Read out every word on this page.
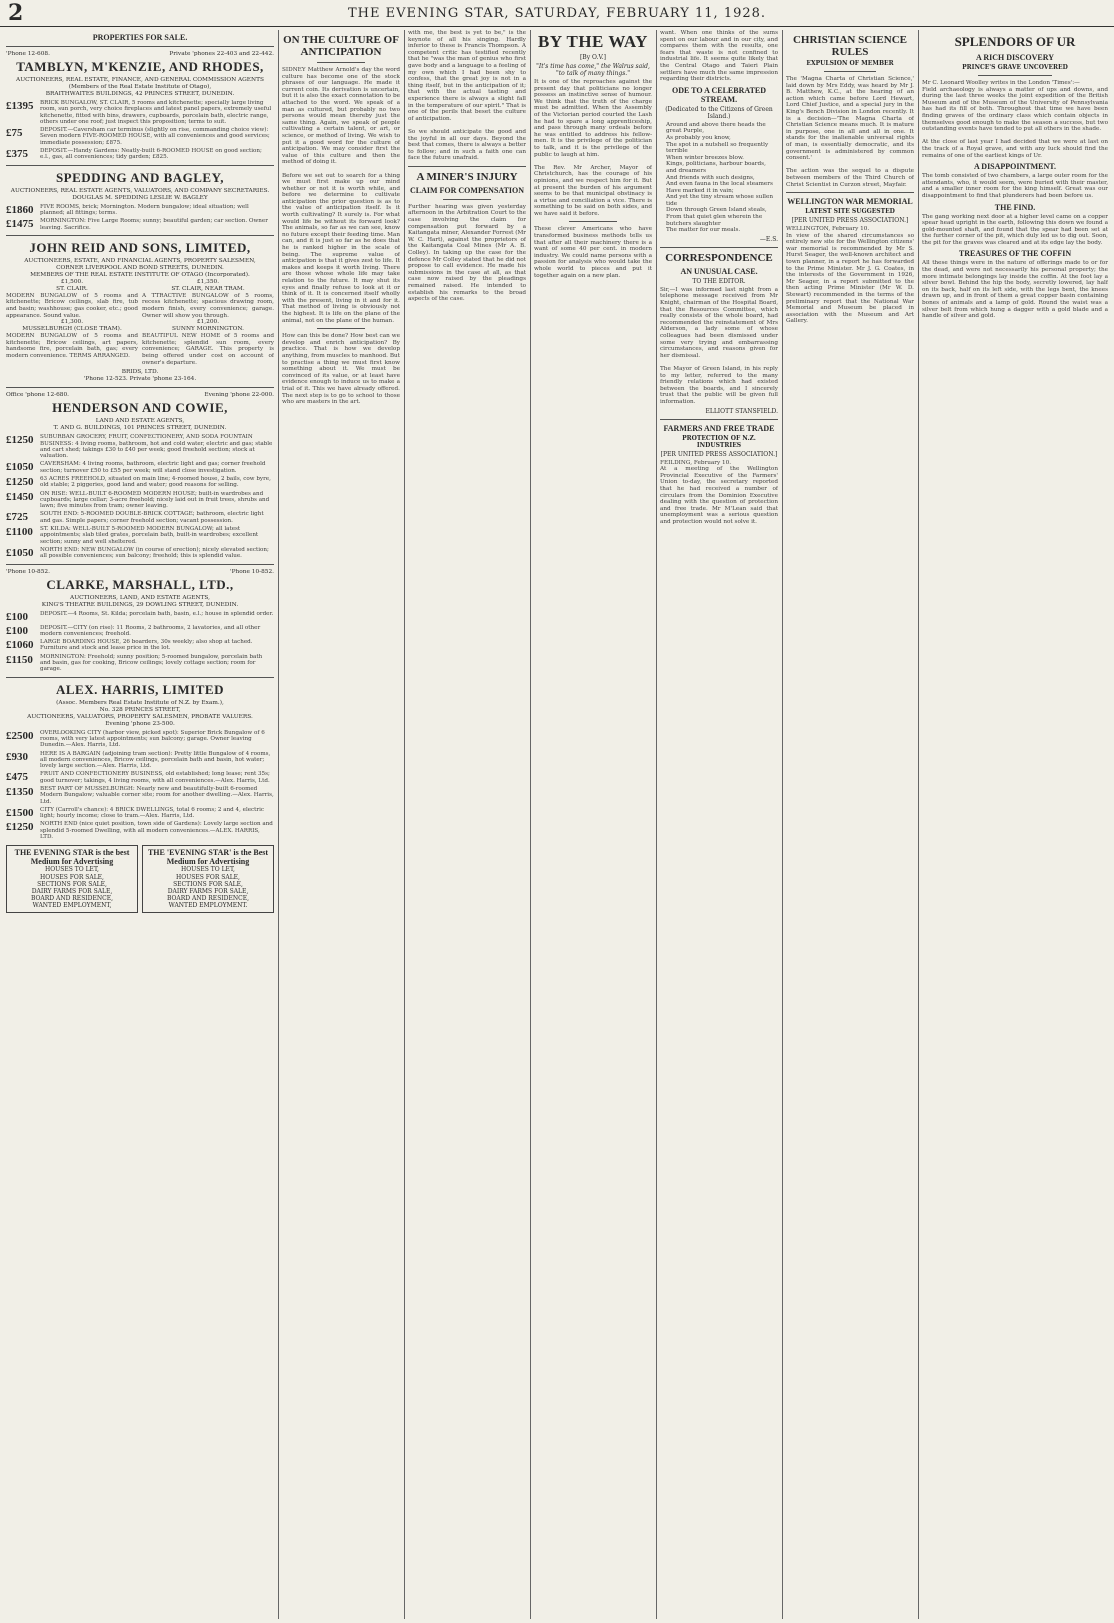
2	THE EVENING STAR, SATURDAY, FEBRUARY 11, 1928.
PROPERTIES FOR SALE.
'Phone 12-608.	Private 'phones 22-403 and 22-442.
TAMBLYN, M'KENZIE, AND RHODES,
AUCTIONEERS, REAL ESTATE, FINANCE, AND GENERAL COMMISSION AGENTS
(Members of the Real Estate Institute of Otago),
BRAITHWAITES BUILDINGS, 42 PRINCES STREET, DUNEDIN.
£1395	BRICK BUNGALOW, ST. CLAIR, 5 rooms and kitchenette; specially large living room, sun porch, very choice fireplaces and latest panel papers, extremely useful kitchenette, fitted with bins, drawers, cupboards, porcelain bath, electric range, others under one roof; just inspect this proposition; terms to suit.
£75	DEPOSIT.—Caversham car terminus (slightly on rise, commanding choice view): Seven modern FIVE-ROOMED HOUSE, with all conveniences and good services; immediate possession; £875.
£375	DEPOSIT.—Handy Gardens: Neatly-built 6-ROOMED HOUSE on good section; e.l., gas, all conveniences; tidy garden; £825.
SPEDDING AND BAGLEY,
AUCTIONEERS, REAL ESTATE AGENTS, VALUATORS, AND COMPANY SECRETARIES.
DOUGLAS M. SPEDDING LESLIE W. BAGLEY
£1860	FIVE ROOMS, brick; Mornington. Modern bungalow; ideal situation; well planned; all fittings; terms.
£1475	MORNINGTON: Five Large Rooms; sunny; beautiful garden; car section. Owner leaving. Sacrifice.
JOHN REID AND SONS, LIMITED,
AUCTIONEERS, ESTATE, AND FINANCIAL AGENTS, PROPERTY SALESMEN,
CORNER LIVERPOOL AND BOND STREETS, DUNEDIN.
MEMBERS OF THE REAL ESTATE INSTITUTE OF OTAGO (Incorporated).
£1,500.
ST. CLAIR.
MODERN BUNGALOW of 5 rooms and kitchenette; Bricow ceilings, slab fire, tub and basin; washhouse; gas cooker, etc.; good appearance. Sound value.
£1,350.
ST. CLAIR, NEAR TRAM.
A TTRACTIVE BUNGALOW of 5 rooms, recess kitchenette; spacious drawing room, modern finish, every convenience; garage. Owner will show you through.
£1,300.
MUSSELBURGH (CLOSE TRAM).
MODERN BUNGALOW of 5 rooms and kitchenette; Bricow ceilings, art papers, handsome fire, porcelain bath, gas; every modern convenience. TERMS ARRANGED.
£1,200.
SUNNY MORNINGTON.
BEAUTIFUL NEW HOME of 5 rooms and kitchenette; splendid sun room, every convenience; GARAGE. This property is being offered under cost on account of owner's departure.
BRIDS, LTD.
'Phone 12-523. Private 'phone 23-164.
Office 'phone 12-680.	Evening 'phone 22-000.
HENDERSON AND COWIE,
LAND AND ESTATE AGENTS,
T. AND G. BUILDINGS, 101 PRINCES STREET, DUNEDIN.
£1250	SUBURBAN GROCERY, FRUIT, CONFECTIONERY, AND SODA FOUNTAIN BUSINESS: 4 living rooms, bathroom, hot and cold water, electric and gas; stable and cart shed; takings £30 to £40 per week; good freehold section; stock at valuation.
£1050	CAVERSHAM: 4 living rooms, bathroom, electric light and gas; corner freehold section; turnover £50 to £55 per week; will stand close investigation.
£1250	63 ACRES FREEHOLD, situated on main line; 4-roomed house, 2 bails, cow byre, old stable; 2 piggeries, good land and water; good reasons for selling.
£1450	ON RISE: WELL-BUILT 6-ROOMED MODERN HOUSE; built-in wardrobes and cupboards; large cellar; 3-acre freehold; nicely laid out in fruit trees, shrubs and lawn; five minutes from tram; owner leaving.
£725	SOUTH END: 5-ROOMED DOUBLE-BRICK COTTAGE; bathroom, electric light and gas. Simple papers; corner freehold section; vacant possession.
£1100	ST. KILDA: WELL-BUILT 5-ROOMED MODERN BUNGALOW; all latest appointments; slab tiled grates, porcelain bath, built-in wardrobes; excellent section; sunny and well sheltered.
£1050	NORTH END: NEW BUNGALOW (in course of erection); nicely elevated section; all possible conveniences; sun balcony; freehold; this is splendid value.
'Phone 10-852.	'Phone 10-852.
CLARKE, MARSHALL, LTD.,
AUCTIONEERS, LAND, AND ESTATE AGENTS,
KING'S THEATRE BUILDINGS, 29 DOWLING STREET, DUNEDIN.
£100	DEPOSIT.—4 Rooms, St. Kilda; porcelain bath, basin, e.l.; house in splendid order.
£100	DEPOSIT.—CITY (on rise): 11 Rooms, 2 bathrooms, 2 lavatories, and all other modern conveniences; freehold.
£1060	LARGE BOARDING HOUSE, 26 boarders, 30s weekly; also shop at tached. Furniture and stock and lease price in the lot.
£1150	MORNINGTON: Freehold; sunny position; 5-roomed bungalow, porcelain bath and basin, gas for cooking, Bricow ceilings; lovely cottage section; room for garage.
ALEX. HARRIS, LIMITED
(Assoc. Members Real Estate Institute of N.Z. by Exam.),
No. 328 PRINCES STREET,
AUCTIONEERS, VALUATORS, PROPERTY SALESMEN, PROBATE VALUERS.
Evening 'phone 23-500.
£2500	OVERLOOKING CITY (harbor view, picked spot): Superior Brick Bungalow of 6 rooms, with very latest appointments; sun balcony; garage. Owner leaving Dunedin.—Alex. Harris, Ltd.
£930	HERE IS A BARGAIN (adjoining tram section): Pretty little Bungalow of 4 rooms, all modern conveniences, Bricow ceilings, porcelain bath and basin, hot water; lovely large section.—Alex. Harris, Ltd.
£475	FRUIT AND CONFECTIONERY BUSINESS, old established; long lease; rent 35s; good turnover; takings, 4 living rooms, with all conveniences.—Alex. Harris, Ltd.
£1350	BEST PART OF MUSSELBURGH: Nearly new and beautifully-built 6-roomed Modern Bungalow; valuable corner site; room for another dwelling.—Alex. Harris, Ltd.
£1500	CITY (Carroll's chance): 4 BRICK DWELLINGS, total 6 rooms; 2 and 4, electric light; hourly income; close to tram.—Alex. Harris, Ltd.
£1250	NORTH END (nice quiet position, town side of Gardens): Lovely large section and splendid 5-roomed Dwelling, with all modern conveniences.—ALEX. HARRIS, LTD.
THE EVENING STAR is the best Medium for Advertising
HOUSES TO LET,
HOUSES FOR SALE,
SECTIONS FOR SALE,
DAIRY FARMS FOR SALE,
BOARD AND RESIDENCE,
WANTED EMPLOYMENT,
THE 'EVENING STAR' is the Best Medium for Advertising
HOUSES TO LET,
HOUSES FOR SALE,
SECTIONS FOR SALE,
DAIRY FARMS FOR SALE,
BOARD AND RESIDENCE,
WANTED EMPLOYMENT.
ON THE CULTURE OF ANTICIPATION

SIDNEY Matthew Arnold's day the word culture has become one of the stock phrases of our language. He made it current coin. Its derivation is uncertain, but it is also the exact connotation to be attached to the word. We speak of a man as cultured, but probably no two persons would mean thereby just the same thing. Again, we speak of people cultivating a certain talent, or art, or science, or method of living. We wish to put it a good word for the culture of anticipation. We may consider first the value of this culture and then the method of doing it.

Before we set out to search for a thing we must first make up our mind whether or not it is worth while, and before we determine to cultivate anticipation the prior question is as to the value of anticipation itself. Is it worth cultivating? It surely is. For what would life be without its forward look? The animals, so far as we can see, know no future except their feeding time. Man can, and it is just so far as he does that he is ranked higher in the scale of being. The supreme value of anticipation is that it gives zest to life. It makes and keeps it worth living. There are those whose whole life may take relation to the future. It may shut its eyes and finally refuse to look at it or think of it. It is concerned itself wholly with the present, living in it and for it. That method of living is obviously not the highest. It is life on the plane of the animal, not on the plane of the human.

How can this be done? How best can we develop and enrich anticipation? By practice. That is how we develop anything, from muscles to manhood. But to practise a thing we must first know something about it. We must be convinced of its value, or at least have evidence enough to induce us to make a trial of it. This we have already offered. The next step is to go to school to those who are masters in the art.

with me, the best is yet to be," is the keynote of all his singing. Hardly inferior to these is Francis Thompson. A competent critic has testified recently that he "was the man of genius who first gave body and a language to a feeling of my own which I had been shy to confess, that the great joy is not in a thing itself, but in the anticipation of it; that with the actual tasting and experience there is always a slight fall in the temperature of our spirit." That is one of the perils that beset the culture of anticipation.

So we should anticipate the good and the joyful in all our days. Beyond the best that comes, there is always a better to follow; and in such a faith one can face the future unafraid.

A MINER'S INJURY
CLAIM FOR COMPENSATION

Further hearing was given yesterday afternoon in the Arbitration Court to the case involving the claim for compensation put forward by a Kaitangata miner, Alexander Forrest (Mr W. C. Hart), against the proprietors of the Kaitangata Coal Mines (Mr A. B. Colley). In taking up the case for the defence Mr Colley stated that he did not propose to call evidence. He made his submissions in the case at all, as that case now raised by the pleadings remained raised. He intended to establish his remarks to the broad aspects of the case.

BY THE WAY
[By O.V.]
"It's time has come," the Walrus said, "to talk of many things."

It is one of the reproaches against the present day that politicians no longer possess an instinctive sense of humour. We think that the truth of the charge must be admitted. When the Assembly of the Victorian period courted the Lash he had to spare a long apprenticeship, and pass through many ordeals before he was entitled to address his fellow-men. It is the privilege of the politician to talk, and it is the privilege of the public to laugh at him.

The Rev. Mr Archer, Mayor of Christchurch, has the courage of his opinions, and we respect him for it. But at present the burden of his argument seems to be that municipal obstinacy is a virtue and conciliation a vice. There is something to be said on both sides, and we have said it before.

These clever Americans who have transformed business methods tells us that after all their machinery there is a want of some 40 per cent. in modern industry. We could name persons with a passion for analysis who would take the whole world to pieces and put it together again on a new plan.

want. When one thinks of the sums spent on our labour and in our city, and compares them with the results, one fears that waste is not confined to industrial life. It seems quite likely that the Central Otago and Taieri Plain settlers have much the same impression regarding their districts.

ODE TO A CELEBRATED STREAM.
(Dedicated to the Citizens of Green Island.)

Around and above there heads the great Purple,
As probably you know,
The spot in a nutshell so frequently terrible
When winter breezes blow.
Kings, politicians, harbour boards, and dreamers
And friends with such designs,
And even fauna in the local steamers
Have marked it in vain;
And yet the tiny stream whose sullen tide
Down through Green Island steals,
From that quiet glen wherein the butchers slaughter
The matter for our meals.

—E.S.
CORRESPONDENCE
AN UNUSUAL CASE.
TO THE EDITOR.

Sir,—I was informed last night from a telephone message received from Mr Knight, chairman of the Hospital Board, that the Resources Committee, which really consists of the whole board, had recommended the reinstatement of Mrs Alderson, a lady some of whose colleagues had been dismissed under some very trying and embarrassing circumstances, and reasons given for her dismissal.

The Mayor of Green Island, in his reply to my letter, referred to the many friendly relations which had existed between the boards, and I sincerely trust that the public will be given full information.

ELLIOTT STANSFIELD.
FARMERS AND FREE TRADE
PROTECTION OF N.Z. INDUSTRIES
[PER UNITED PRESS ASSOCIATION.]

FEILDING, February 10.
At a meeting of the Wellington Provincial Executive of the Farmers' Union to-day, the secretary reported that he had received a number of circulars from the Dominion Executive dealing with the question of protection and free trade. Mr M'Lean said that unemployment was a serious question and protection would not solve it.

CHRISTIAN SCIENCE RULES
EXPULSION OF MEMBER

The 'Magna Charta of Christian Science,' laid down by Mrs Eddy, was heard by Mr J. B. Matthew, K.C., at the hearing of an action which came before Lord Hewart, Lord Chief Justice, and a special jury in the King's Bench Division in London recently. It is a decision—'The Magna Charta of Christian Science means much. It is mature in purpose, one in all and all in one. It stands for the inalienable universal rights of man, is essentially democratic, and its government is administered by common consent.'

The action was the sequel to a dispute between members of the Third Church of Christ Scientist in Curzon street, Mayfair.

WELLINGTON WAR MEMORIAL
LATEST SITE SUGGESTED
[PER UNITED PRESS ASSOCIATION.]

WELLINGTON, February 10.
In view of the shared circumstances so entirely new site for the Wellington citizens' war memorial is recommended by Mr S. Hurst Seager, the well-known architect and town planner, in a report he has forwarded to the Prime Minister. Mr J. G. Coates, in the interests of the Government in 1926, Mr Seager, in a report submitted to the then acting Prime Minister (Mr W. D. Stewart) recommended in the terms of the preliminary report that the National War Memorial and Museum be placed in association with the Museum and Art Gallery.

SPLENDORS OF UR
A RICH DISCOVERY
PRINCE'S GRAVE UNCOVERED

Mr C. Leonard Woolley writes in the London 'Times':—
Field archaeology is always a matter of ups and downs, and during the last three weeks the joint expedition of the British Museum and of the Museum of the University of Pennsylvania has had its fill of both. Throughout that time we have been finding graves of the ordinary class which contain objects in themselves good enough to make the season a success, but two outstanding events have tended to put all others in the shade.

At the close of last year I had decided that we were at last on the track of a Royal grave, and with any luck should find the remains of one of the earliest kings of Ur.

A DISAPPOINTMENT.

The tomb consisted of two chambers, a large outer room for the attendants, who, it would seem, were buried with their master, and a smaller inner room for the king himself. Great was our disappointment to find that plunderers had been before us.

THE FIND.

The gang working next door at a higher level came on a copper spear head upright in the earth, following this down we found a gold-mounted shaft, and found that the spear had been set at the further corner of the pit, which duly led us to dig out. Soon, the pit for the graves was cleared and at its edge lay the body.

TREASURES OF THE COFFIN

All these things were in the nature of offerings made to or for the dead, and were not necessarily his personal property; the more intimate belongings lay inside the coffin. At the foot lay a silver bowl. Behind the hip the body, secretly lowered, lay half on its back, half on its left side, with the legs bent, the knees drawn up, and in front of them a great copper basin containing bones of animals and a lamp of gold. Round the waist was a silver belt from which hung a dagger with a gold blade and a handle of silver and gold.
